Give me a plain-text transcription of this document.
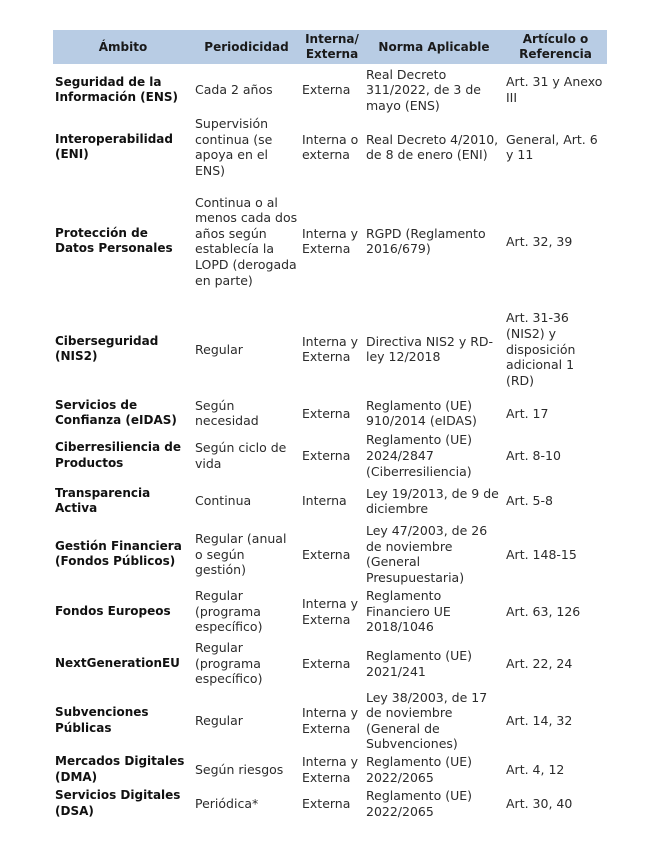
Ámbito	Periodicidad	Interna/Externa	Norma Aplicable	Artículo o Referencia
Seguridad de la Información (ENS)	Cada 2 años	Externa	Real Decreto 311/2022, de 3 de mayo (ENS)	Art. 31 y Anexo III
Interoperabilidad (ENI)	Supervisión continua (se apoya en el ENS)	Interna o externa	Real Decreto 4/2010, de 8 de enero (ENI)	General, Art. 6 y 11
Protección de Datos Personales	Continua o al menos cada dos años según establecía la LOPD (derogada en parte)	Interna y Externa	RGPD (Reglamento 2016/679)	Art. 32, 39
Ciberseguridad (NIS2)	Regular	Interna y Externa	Directiva NIS2 y RD-ley 12/2018	Art. 31-36 (NIS2) y disposición adicional 1 (RD)
Servicios de Confianza (eIDAS)	Según necesidad	Externa	Reglamento (UE) 910/2014 (eIDAS)	Art. 17
Ciberresiliencia de Productos	Según ciclo de vida	Externa	Reglamento (UE) 2024/2847 (Ciberresiliencia)	Art. 8-10
Transparencia Activa	Continua	Interna	Ley 19/2013, de 9 de diciembre	Art. 5-8
Gestión Financiera (Fondos Públicos)	Regular (anual o según gestión)	Externa	Ley 47/2003, de 26 de noviembre (General Presupuestaria)	Art. 148-15
Fondos Europeos	Regular (programa específico)	Interna y Externa	Reglamento Financiero UE 2018/1046	Art. 63, 126
NextGenerationEU	Regular (programa específico)	Externa	Reglamento (UE) 2021/241	Art. 22, 24
Subvenciones Públicas	Regular	Interna y Externa	Ley 38/2003, de 17 de noviembre (General de Subvenciones)	Art. 14, 32
Mercados Digitales (DMA)	Según riesgos	Interna y Externa	Reglamento (UE) 2022/2065	Art. 4, 12
Servicios Digitales (DSA)	Periódica*	Externa	Reglamento (UE) 2022/2065	Art. 30, 40
